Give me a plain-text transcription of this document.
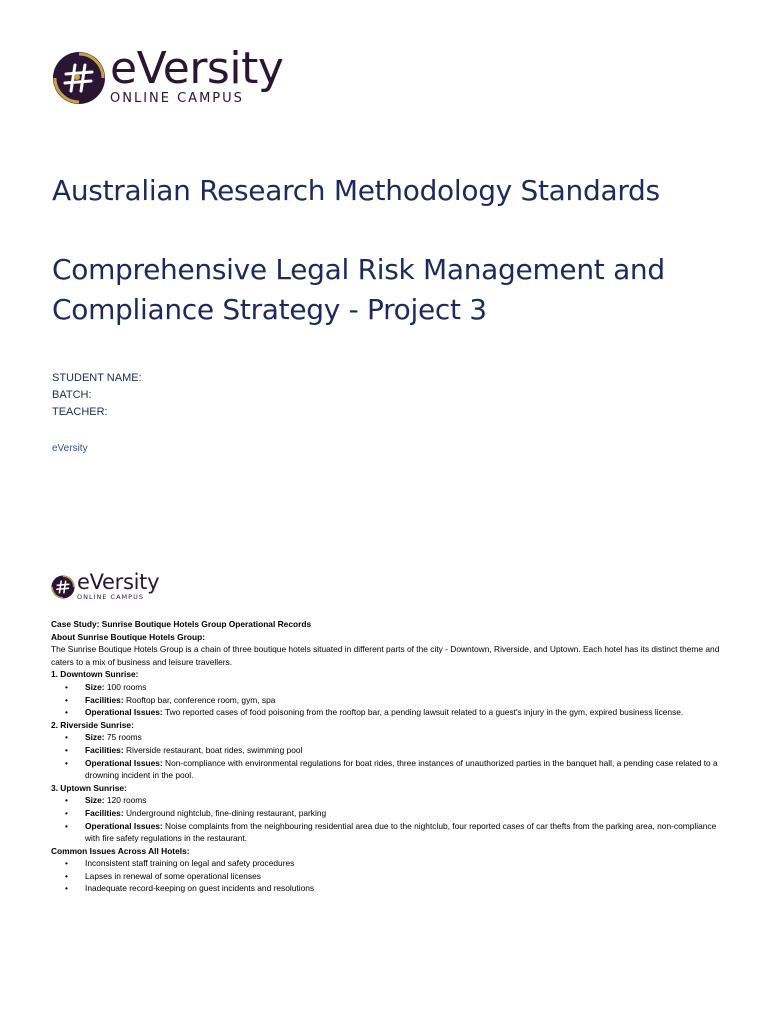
eVersity
ONLINE CAMPUS
Australian Research Methodology Standards
Comprehensive Legal Risk Management and
Compliance Strategy - Project 3

STUDENT NAME:

BATCH:

TEACHER:

eVersity
eVersity
ONLINE CAMPUS

Case Study: Sunrise Boutique Hotels Group Operational Records

About Sunrise Boutique Hotels Group:

The Sunrise Boutique Hotels Group is a chain of three boutique hotels situated in different parts of the city - Downtown, Riverside, and Uptown. Each hotel has its distinct theme and caters to a mix of business and leisure travellers.

1. Downtown Sunrise:

• Size: 100 rooms
• Facilities: Rooftop bar, conference room, gym, spa
• Operational Issues: Two reported cases of food poisoning from the rooftop bar, a pending lawsuit related to a guest's injury in the gym, expired business license.

2. Riverside Sunrise:

• Size: 75 rooms
• Facilities: Riverside restaurant, boat rides, swimming pool
• Operational Issues: Non-compliance with environmental regulations for boat rides, three instances of unauthorized parties in the banquet hall, a pending case related to a drowning incident in the pool.

3. Uptown Sunrise:

• Size: 120 rooms
• Facilities: Underground nightclub, fine-dining restaurant, parking
• Operational Issues: Noise complaints from the neighbouring residential area due to the nightclub, four reported cases of car thefts from the parking area, non-compliance with fire safety regulations in the restaurant.

Common Issues Across All Hotels:

• Inconsistent staff training on legal and safety procedures
• Lapses in renewal of some operational licenses
• Inadequate record-keeping on guest incidents and resolutions
